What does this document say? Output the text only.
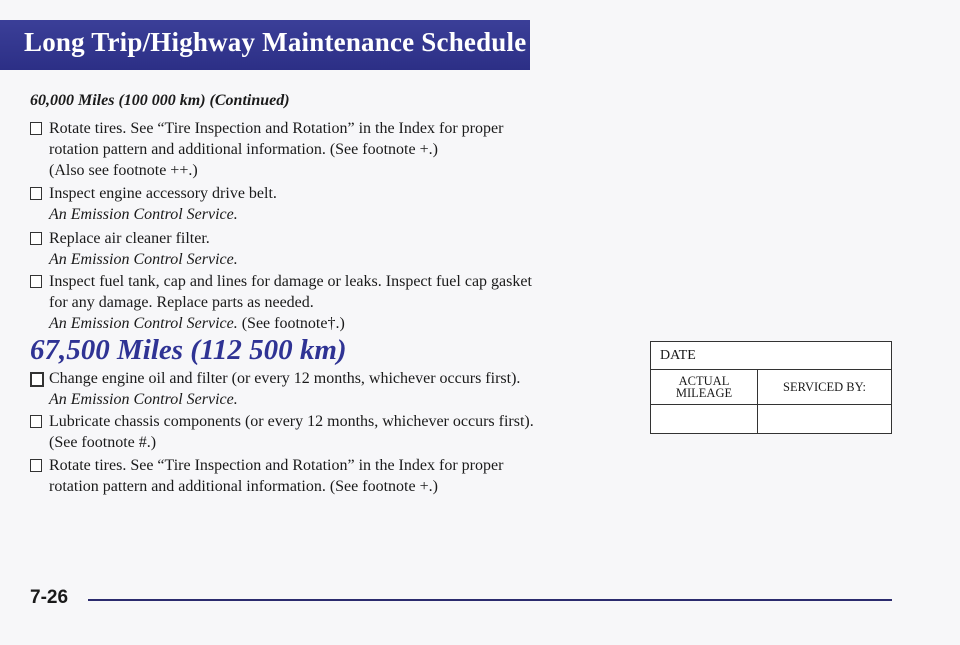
Long Trip/Highway Maintenance Schedule
60,000 Miles (100 000 km) (Continued)
Rotate tires. See “Tire Inspection and Rotation” in the Index for proper
rotation pattern and additional information. (See footnote +.)
(Also see footnote ++.)
Inspect engine accessory drive belt.
An Emission Control Service.
Replace air cleaner filter.
An Emission Control Service.
Inspect fuel tank, cap and lines for damage or leaks. Inspect fuel cap gasket
for any damage. Replace parts as needed.
An Emission Control Service. (See footnote†.)
67,500 Miles (112 500 km)
Change engine oil and filter (or every 12 months, whichever occurs first).
An Emission Control Service.
Lubricate chassis components (or every 12 months, whichever occurs first).
(See footnote #.)
Rotate tires. See “Tire Inspection and Rotation” in the Index for proper
rotation pattern and additional information. (See footnote +.)
DATE	
ACTUAL
MILEAGE	SERVICED BY:

7-26
